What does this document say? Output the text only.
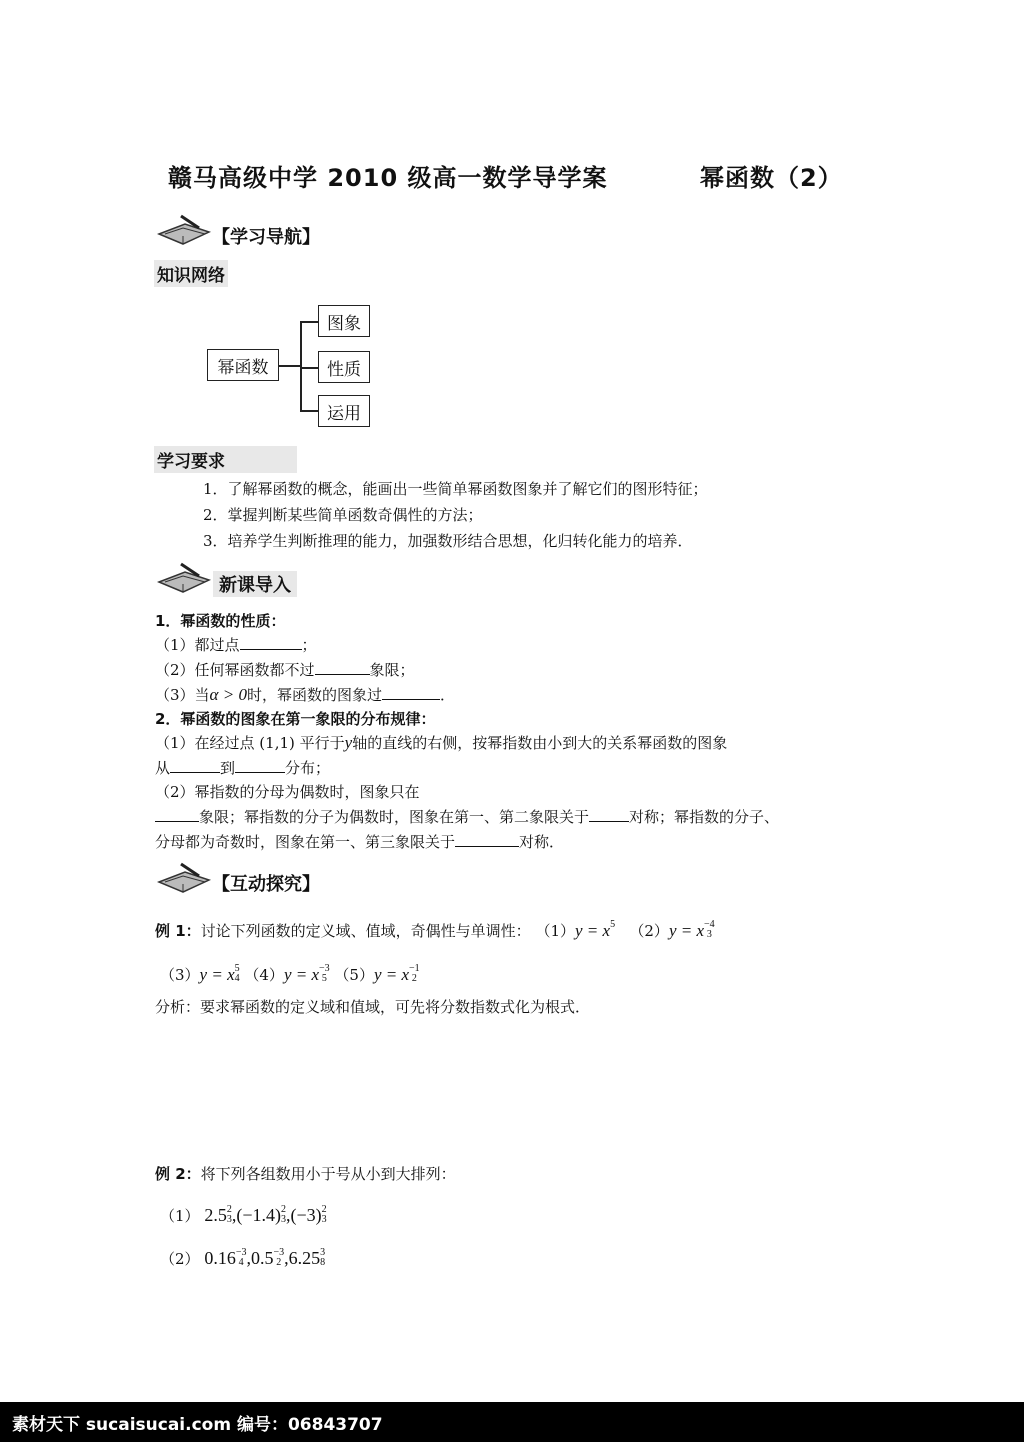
赣马高级中学 2010 级高一数学导学案	幂函数（2）
【学习导航】
知识网络
幂函数
图象
性质
运用
学习要求
1．了解幂函数的概念，能画出一些简单幂函数图象并了解它们的图形特征；
2．掌握判断某些简单函数奇偶性的方法；
3．培养学生判断推理的能力，加强数形结合思想，化归转化能力的培养．
新课导入
1．幂函数的性质：
（1）都过点	；
（2）任何幂函数都不过	象限；
（3）当α > 0时，幂函数的图象过	．
2．幂函数的图象在第一象限的分布规律：
（1）在经过点 (1,1) 平行于y轴的直线的右侧，按幂指数由小到大的关系幂函数的图象
从	到	分布；
（2）幂指数的分母为偶数时，图象只在
象限；幂指数的分子为偶数时，图象在第一、第二象限关于	对称；幂指数的分子、
分母都为奇数时，图象在第一、第三象限关于	对称．
【互动探究】
例 1：讨论下列函数的定义域、值域，奇偶性与单调性： $(1)y = x^5$ （2）y = x $^{-4 3}$
（3）y = x $^{5 4}$ （4）y = x $^{-3 5}$ （5）y = x $^{-1 2}$
分析：要求幂函数的定义域和值域，可先将分数指数式化为根式．
例 2：将下列各组数用小于号从小到大排列：
（1） 2.5 $^{2 3}$ ,(−1.4) $^{2 3}$ ,(−3) $^{2 3}$
（2） 0.16 $^{-3 4}$ ,0.5 $^{-3 2}$ ,6.25 $^{3 8}$
素材天下 sucaisucai.com 编号：06843707
